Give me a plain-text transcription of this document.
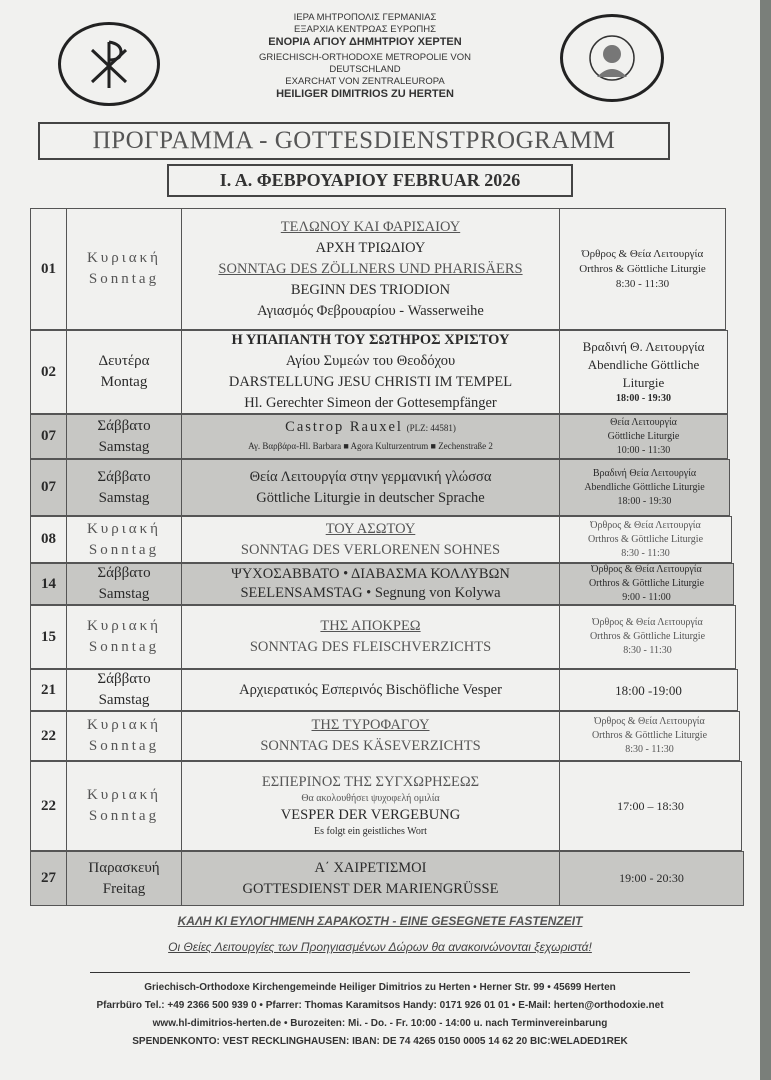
ΙΕΡΑ ΜΗΤΡΟΠΟΛΙΣ ΓΕΡΜΑΝΙΑΣ
ΕΞΑΡΧΙΑ ΚΕΝΤΡΩΑΣ ΕΥΡΩΠΗΣ
ΕΝΟΡΙΑ ΑΓΙΟΥ ΔΗΜΗΤΡΙΟΥ ΧΕΡΤΕΝ
GRIECHISCH-ORTHODOXE METROPOLIE VON
DEUTSCHLAND
EXARCHAT VON ZENTRALEUROPA
HEILIGER DIMITRIOS ZU HERTEN
ΠΡΟΓΡΑΜΜΑ - GOTTESDIENSTPROGRAMM
Ι. Α. ΦΕΒΡΟΥΑΡΙΟΥ FEBRUAR 2026
01
Κυριακή
Sonntag
ΤΕΛΩΝΟΥ ΚΑΙ ΦΑΡΙΣΑΙΟΥ
ΑΡΧΗ ΤΡΙΩΔΙΟΥ
SONNTAG DES ZÖLLNERS UND PHARISÄERS
BEGINN DES TRIODION
Αγιασμός Φεβρουαρίου - Wasserweihe
Όρθρος & Θεία Λειτουργία
Orthros & Göttliche Liturgie
8:30 - 11:30
02
Δευτέρα
Montag
Η ΥΠΑΠΑΝΤΗ ΤΟΥ ΣΩΤΗΡΟΣ ΧΡΙΣΤΟΥ
Αγίου Συμεών του Θεοδόχου
DARSTELLUNG JESU CHRISTI IM TEMPEL
Hl. Gerechter Simeon der Gottesempfänger
Βραδινή Θ. Λειτουργία
Abendliche Göttliche
Liturgie
18:00 - 19:30
07
Σάββατο
Samstag
Castrop Rauxel (PLZ: 44581)
Αγ. Βαρβάρα-Hl. Barbara ■ Agora Kulturzentrum ■ Zechenstraße 2
Θεία Λειτουργία
Göttliche Liturgie
10:00 - 11:30
07
Σάββατο
Samstag
Θεία Λειτουργία στην γερμανική γλώσσα
Göttliche Liturgie in deutscher Sprache
Βραδινή Θεία Λειτουργία
Abendliche Göttliche Liturgie
18:00 - 19:30
08
Κυριακή
Sonntag
ΤΟΥ ΑΣΩΤΟΥ
SONNTAG DES VERLORENEN SOHNES
Όρθρος & Θεία Λειτουργία
Orthros & Göttliche Liturgie
8:30 - 11:30
14
Σάββατο
Samstag
ΨΥΧΟΣΑΒΒΑΤΟ • ΔΙΑΒΑΣΜΑ ΚΟΛΛΥΒΩΝ
SEELENSAMSTAG • Segnung von Kolywa
Όρθρος & Θεία Λειτουργία
Orthros & Göttliche Liturgie
9:00 - 11:00
15
Κυριακή
Sonntag
ΤΗΣ ΑΠΟΚΡΕΩ
SONNTAG DES FLEISCHVERZICHTS
Όρθρος & Θεία Λειτουργία
Orthros & Göttliche Liturgie
8:30 - 11:30
21
Σάββατο
Samstag
Αρχιερατικός Εσπερινός Bischöfliche Vesper	18:00 -19:00
22
Κυριακή
Sonntag
ΤΗΣ ΤΥΡΟΦΑΓΟΥ
SONNTAG DES KÄSEVERZICHTS
Όρθρος & Θεία Λειτουργία
Orthros & Göttliche Liturgie
8:30 - 11:30
22
Κυριακή
Sonntag
ΕΣΠΕΡΙΝΟΣ ΤΗΣ ΣΥΓΧΩΡΗΣΕΩΣ
Θα ακολουθήσει ψυχοφελή ομιλία
VESPER DER VERGEBUNG
Es folgt ein geistliches Wort
17:00 – 18:30
27
Παρασκευή
Freitag
Α΄ ΧΑΙΡΕΤΙΣΜΟΙ
GOTTESDIENST DER MARIENGRÜSSE
19:00 - 20:30
ΚΑΛΗ ΚΙ ΕΥΛΟΓΗΜΕΝΗ ΣΑΡΑΚΟΣΤΗ - EINE GESEGNETE FASTENZEIT
Οι Θείες Λειτουργίες των Προηγιασμένων Δώρων θα ανακοινώνονται ξεχωριστά!
Griechisch-Orthodoxe Kirchengemeinde Heiliger Dimitrios zu Herten • Herner Str. 99 • 45699 Herten
Pfarrbüro Tel.: +49 2366 500 939 0 • Pfarrer: Thomas Karamitsos Handy: 0171 926 01 01 • E-Mail: herten@orthodoxie.net
www.hl-dimitrios-herten.de • Burozeiten: Mi. - Do. - Fr. 10:00 - 14:00 u. nach Terminvereinbarung
SPENDENKONTO: VEST RECKLINGHAUSEN: IBAN: DE 74 4265 0150 0005 14 62 20 BIC:WELADED1REK
